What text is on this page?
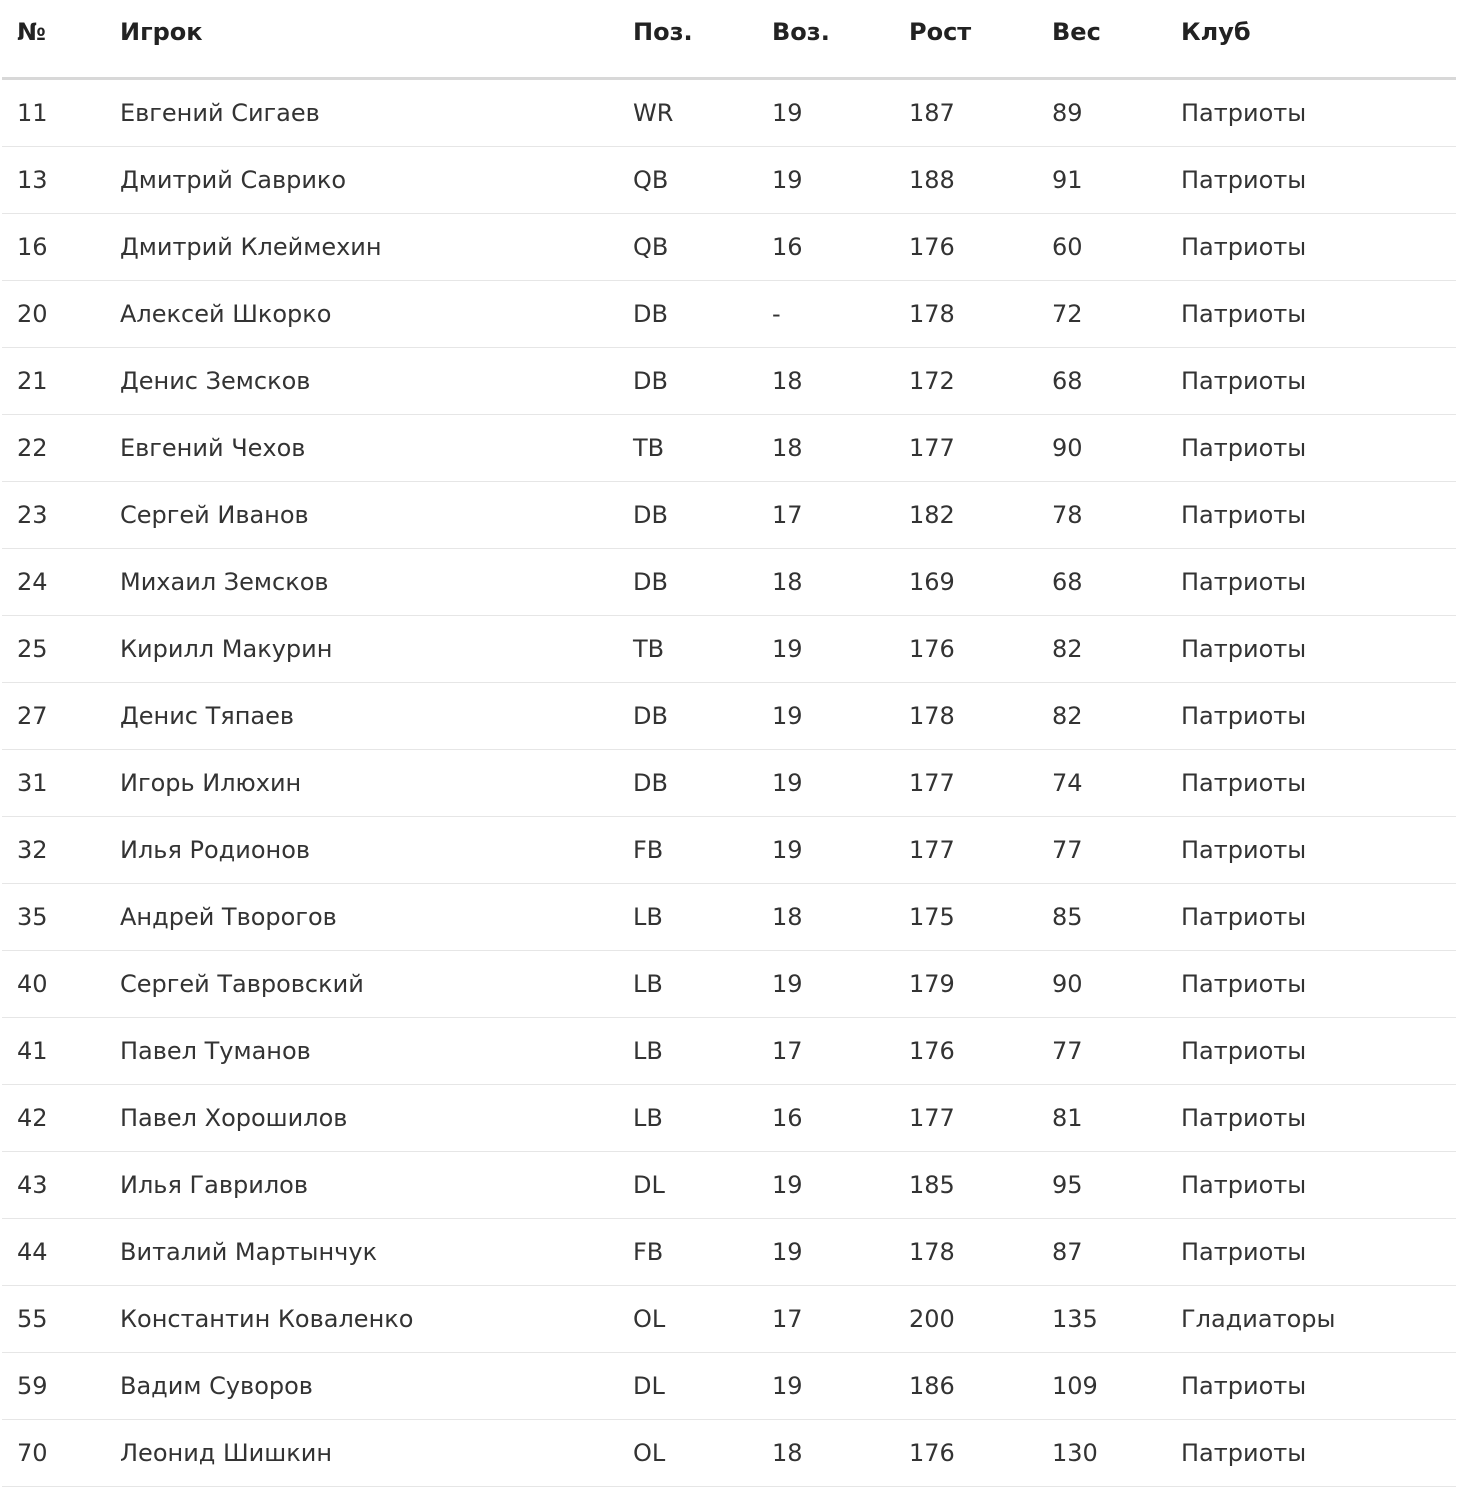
№	Игрок	Поз.	Воз.	Рост	Вес	Клуб
11	Евгений Сигаев	WR	19	187	89	Патриоты
13	Дмитрий Саврико	QB	19	188	91	Патриоты
16	Дмитрий Клеймехин	QB	16	176	60	Патриоты
20	Алексей Шкорко	DB	-	178	72	Патриоты
21	Денис Земсков	DB	18	172	68	Патриоты
22	Евгений Чехов	TB	18	177	90	Патриоты
23	Сергей Иванов	DB	17	182	78	Патриоты
24	Михаил Земсков	DB	18	169	68	Патриоты
25	Кирилл Макурин	TB	19	176	82	Патриоты
27	Денис Тяпаев	DB	19	178	82	Патриоты
31	Игорь Илюхин	DB	19	177	74	Патриоты
32	Илья Родионов	FB	19	177	77	Патриоты
35	Андрей Творогов	LB	18	175	85	Патриоты
40	Сергей Тавровский	LB	19	179	90	Патриоты
41	Павел Туманов	LB	17	176	77	Патриоты
42	Павел Хорошилов	LB	16	177	81	Патриоты
43	Илья Гаврилов	DL	19	185	95	Патриоты
44	Виталий Мартынчук	FB	19	178	87	Патриоты
55	Константин Коваленко	OL	17	200	135	Гладиаторы
59	Вадим Суворов	DL	19	186	109	Патриоты
70	Леонид Шишкин	OL	18	176	130	Патриоты
